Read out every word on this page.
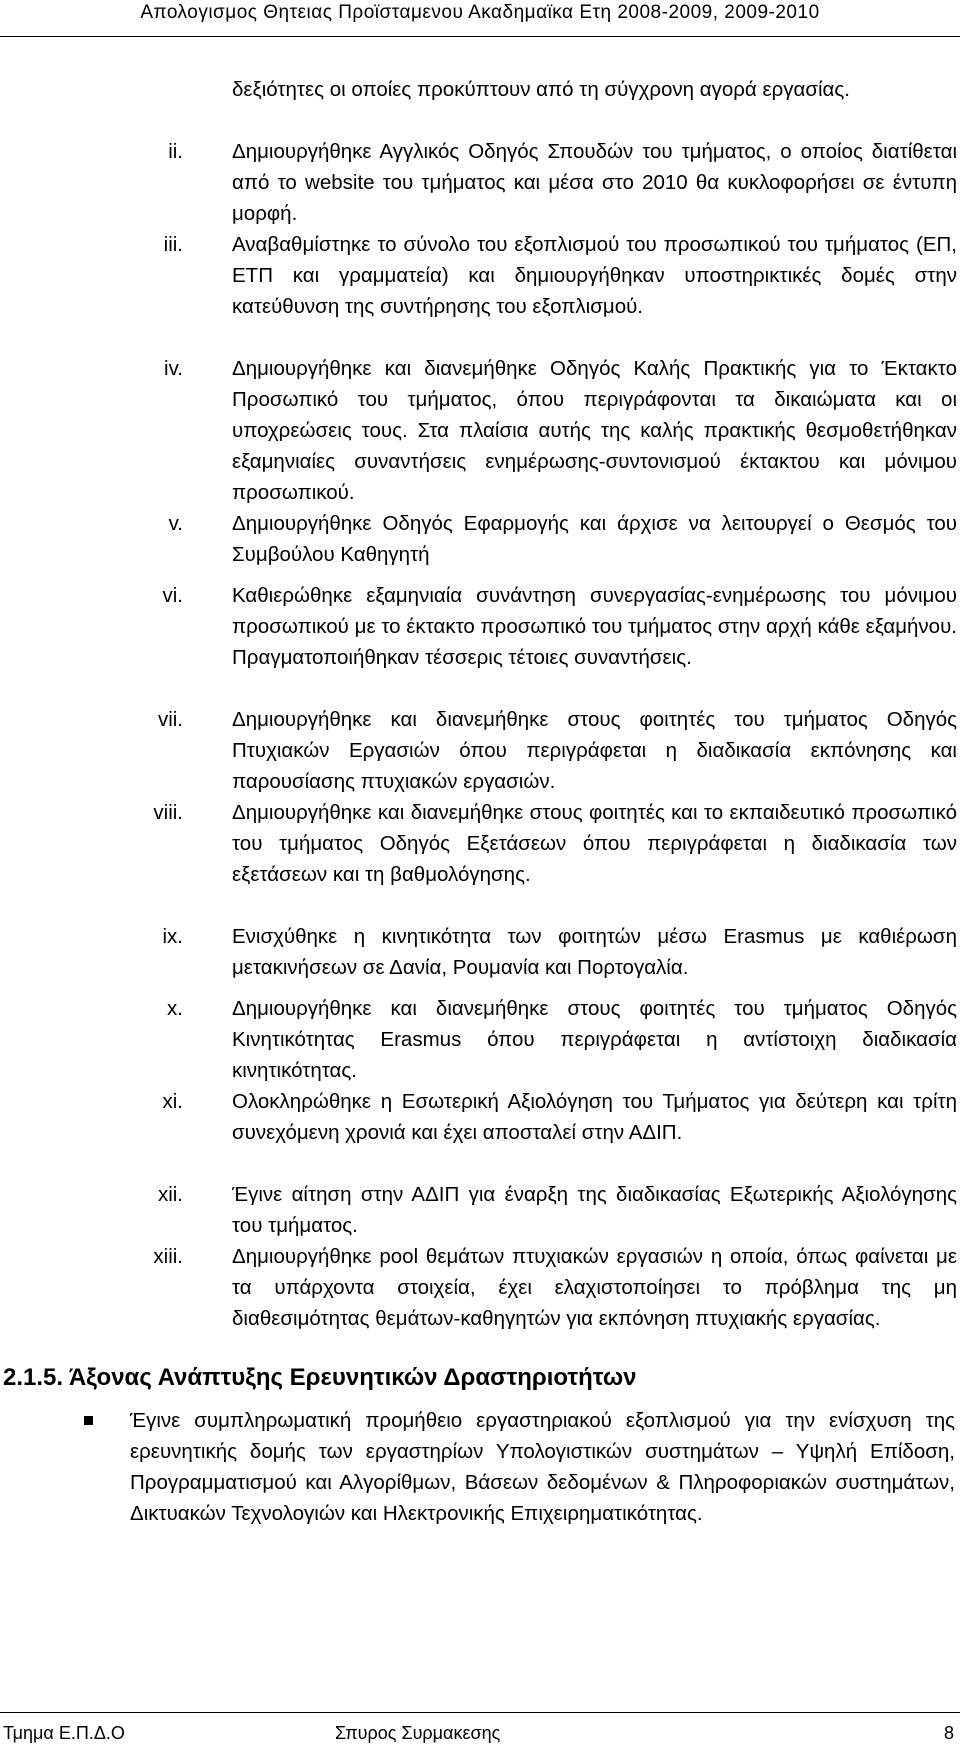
Απολογισμος Θητειας Προϊσταμενου Ακαδημαϊκα Ετη 2008-2009, 2009-2010

δεξιότητες οι οποίες προκύπτουν από τη σύγχρονη αγορά εργασίας.

ii. Δημιουργήθηκε Αγγλικός Οδηγός Σπουδών του τμήματος, ο οποίος διατίθεται από το website του τμήματος και μέσα στο 2010 θα κυκλοφορήσει σε έντυπη μορφή.

iii. Αναβαθμίστηκε το σύνολο του εξοπλισμού του προσωπικού του τμήματος (ΕΠ, ΕΤΠ και γραμματεία) και δημιουργήθηκαν υποστηρικτικές δομές στην κατεύθυνση της συντήρησης του εξοπλισμού.

iv. Δημιουργήθηκε και διανεμήθηκε Οδηγός Καλής Πρακτικής για το Έκτακτο Προσωπικό του τμήματος, όπου περιγράφονται τα δικαιώματα και οι υποχρεώσεις τους. Στα πλαίσια αυτής της καλής πρακτικής θεσμοθετήθηκαν εξαμηνιαίες συναντήσεις ενημέρωσης-συντονισμού έκτακτου και μόνιμου προσωπικού.

v. Δημιουργήθηκε Οδηγός Εφαρμογής και άρχισε να λειτουργεί ο Θεσμός του Συμβούλου Καθηγητή

vi. Καθιερώθηκε εξαμηνιαία συνάντηση συνεργασίας-ενημέρωσης του μόνιμου προσωπικού με το έκτακτο προσωπικό του τμήματος στην αρχή κάθε εξαμήνου. Πραγματοποιήθηκαν τέσσερις τέτοιες συναντήσεις.

vii. Δημιουργήθηκε και διανεμήθηκε στους φοιτητές του τμήματος Οδηγός Πτυχιακών Εργασιών όπου περιγράφεται η διαδικασία εκπόνησης και παρουσίασης πτυχιακών εργασιών.

viii. Δημιουργήθηκε και διανεμήθηκε στους φοιτητές και το εκπαιδευτικό προσωπικό του τμήματος Οδηγός Εξετάσεων όπου περιγράφεται η διαδικασία των εξετάσεων και τη βαθμολόγησης.

ix. Ενισχύθηκε η κινητικότητα των φοιτητών μέσω Erasmus με καθιέρωση μετακινήσεων σε Δανία, Ρουμανία και Πορτογαλία.

x. Δημιουργήθηκε και διανεμήθηκε στους φοιτητές του τμήματος Οδηγός Κινητικότητας Erasmus όπου περιγράφεται η αντίστοιχη διαδικασία κινητικότητας.

xi. Ολοκληρώθηκε η Εσωτερική Αξιολόγηση του Τμήματος για δεύτερη και τρίτη συνεχόμενη χρονιά και έχει αποσταλεί στην ΑΔΙΠ.

xii. Έγινε αίτηση στην ΑΔΙΠ για έναρξη της διαδικασίας Εξωτερικής Αξιολόγησης του τμήματος.

xiii. Δημιουργήθηκε pool θεμάτων πτυχιακών εργασιών η οποία, όπως φαίνεται με τα υπάρχοντα στοιχεία, έχει ελαχιστοποίησει το πρόβλημα της μη διαθεσιμότητας θεμάτων-καθηγητών για εκπόνηση πτυχιακής εργασίας.

2.1.5. Άξονας Ανάπτυξης Ερευνητικών Δραστηριοτήτων

Έγινε συμπληρωματική προμήθειο εργαστηριακού εξοπλισμού για την ενίσχυση της ερευνητικής δομής των εργαστηρίων Υπολογιστικών συστημάτων – Υψηλή Επίδοση, Προγραμματισμού και Αλγορίθμων, Βάσεων δεδομένων & Πληροφοριακών συστημάτων, Δικτυακών Τεχνολογιών και Ηλεκτρονικής Επιχειρηματικότητας.

Τμημα Ε.Π.Δ.Ο	Σπυρος Συρμακεσης	8
